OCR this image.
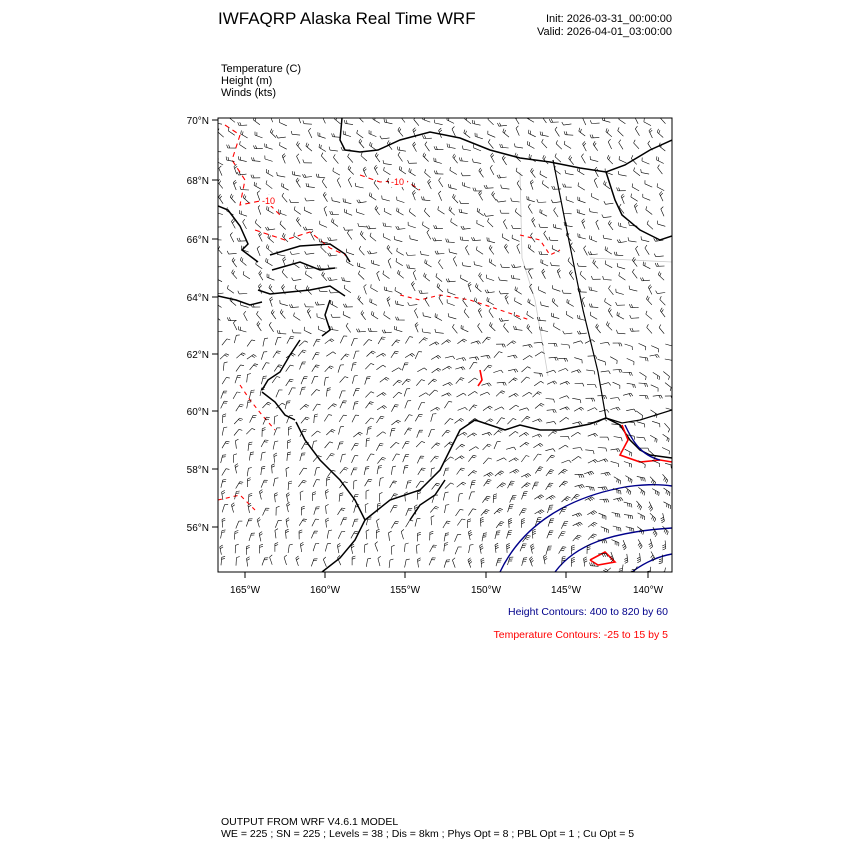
IWFAQRP Alaska Real Time WRF	Init: 2026-03-31_00:00:00
Valid: 2026-04-01_03:00:00
Temperature (C)
Height (m)
Winds (kts)
-10
-10
70°N
68°N
66°N
64°N
62°N
60°N
58°N
56°N
165°W	160°W	155°W	150°W	145°W	140°W
Height Contours: 400 to 820 by 60
Temperature Contours: -25 to 15 by 5
OUTPUT FROM WRF V4.6.1 MODEL
WE = 225 ; SN = 225 ; Levels = 38 ; Dis = 8km ; Phys Opt = 8 ; PBL Opt = 1 ; Cu Opt = 5
